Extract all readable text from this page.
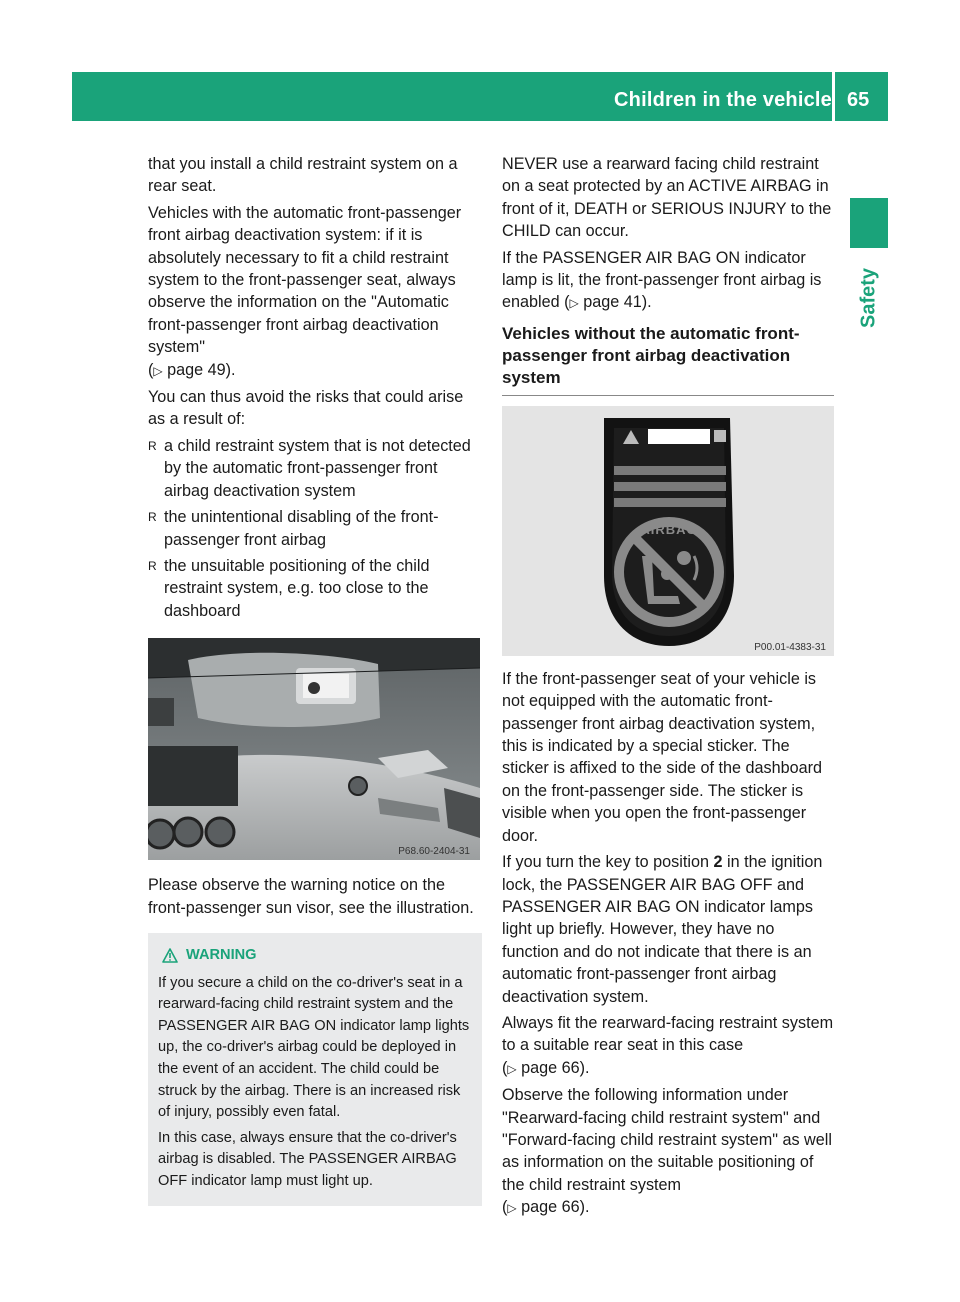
Children in the vehicle 65
Safety

that you install a child restraint system on a rear seat.

Vehicles with the automatic front-passenger front airbag deactivation system: if it is absolutely necessary to fit a child restraint system to the front-passenger seat, always observe the information on the "Automatic front-passenger front airbag deactivation system"
(▷ page 49).

You can thus avoid the risks that could arise as a result of:

R a child restraint system that is not detected by the automatic front-passenger front airbag deactivation system
R the unintentional disabling of the front-passenger front airbag
R the unsuitable positioning of the child restraint system, e.g. too close to the dashboard
P68.60-2404-31

Please observe the warning notice on the front-passenger sun visor, see the illustration.

WARNING

If you secure a child on the co-driver's seat in a rearward-facing child restraint system and the PASSENGER AIR BAG ON indicator lamp lights up, the co-driver's airbag could be deployed in the event of an accident. The child could be struck by the airbag. There is an increased risk of injury, possibly even fatal.

In this case, always ensure that the co-driver's airbag is disabled. The PASSENGER AIRBAG OFF indicator lamp must light up.

NEVER use a rearward facing child restraint on a seat protected by an ACTIVE AIRBAG in front of it, DEATH or SERIOUS INJURY to the CHILD can occur.

If the PASSENGER AIR BAG ON indicator lamp is lit, the front-passenger front airbag is enabled (▷ page 41).

Vehicles without the automatic front-passenger front airbag deactivation system
AIRBAG
P00.01-4383-31

If the front-passenger seat of your vehicle is not equipped with the automatic front-passenger front airbag deactivation system, this is indicated by a special sticker. The sticker is affixed to the side of the dashboard on the front-passenger side. The sticker is visible when you open the front-passenger door.

If you turn the key to position 2 in the ignition lock, the PASSENGER AIR BAG OFF and PASSENGER AIR BAG ON indicator lamps light up briefly. However, they have no function and do not indicate that there is an automatic front-passenger front airbag deactivation system.

Always fit the rearward-facing restraint system to a suitable rear seat in this case
(▷ page 66).

Observe the following information under "Rearward-facing child restraint system" and "Forward-facing child restraint system" as well as information on the suitable positioning of the child restraint system
(▷ page 66).
